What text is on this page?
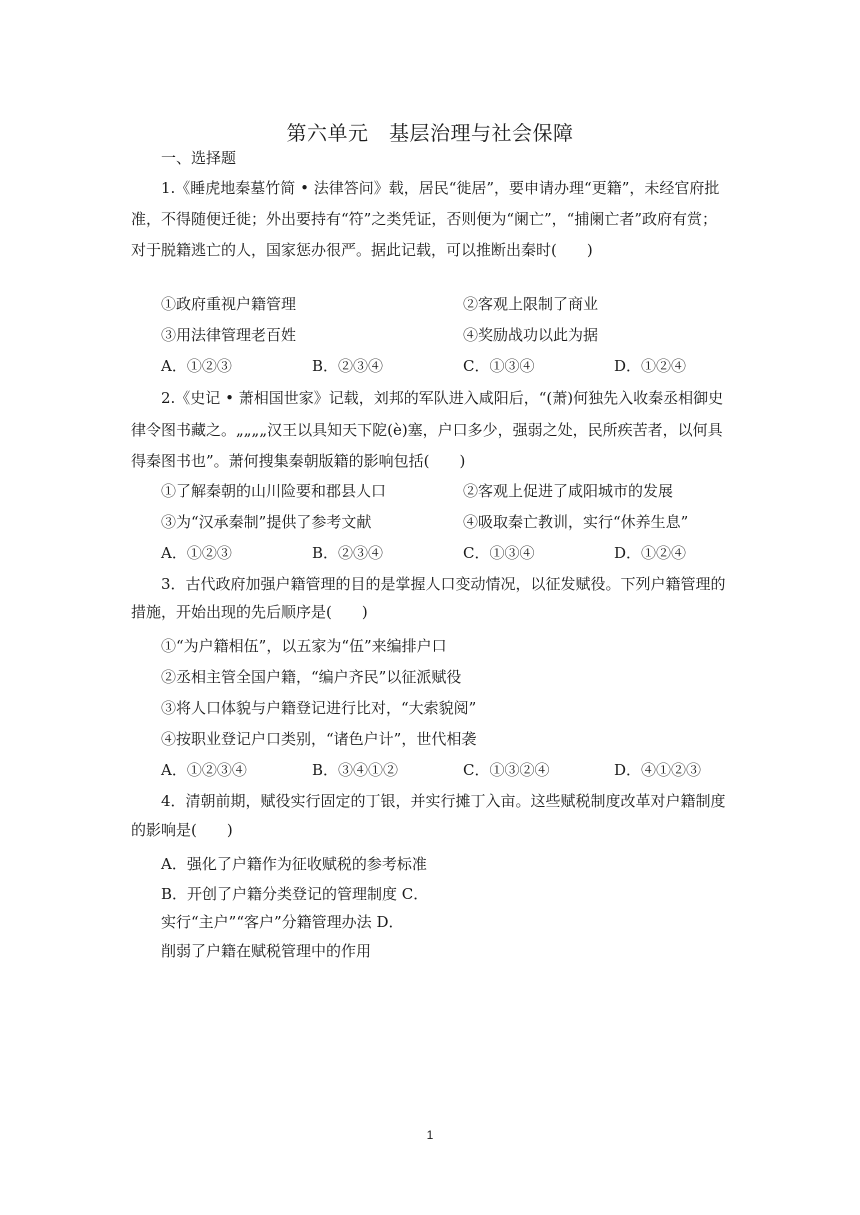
第六单元　基层治理与社会保障
一、选择题
1.《睡虎地秦墓竹简 • 法律答问》载，居民“徙居”，要申请办理“更籍”，未经官府批
准，不得随便迁徙；外出要持有“符”之类凭证，否则便为“阑亡”，“捕阑亡者”政府有赏；
对于脱籍逃亡的人，国家惩办很严。据此记载，可以推断出秦时(　　)
①政府重视户籍管理	②客观上限制了商业
③用法律管理老百姓	④奖励战功以此为据
A．①②③	B．②③④	C．①③④	D．①②④
2.《史记 • 萧相国世家》记载，刘邦的军队进入咸阳后，“(萧)何独先入收秦丞相御史
律令图书藏之。„„„„汉王以具知天下阸(è)塞，户口多少，强弱之处，民所疾苦者，以何具
得秦图书也”。萧何搜集秦朝版籍的影响包括(　　)
①了解秦朝的山川险要和郡县人口	②客观上促进了咸阳城市的发展
③为“汉承秦制”提供了参考文献	④吸取秦亡教训，实行“休养生息”
A．①②③	B．②③④	C．①③④	D．①②④
3．古代政府加强户籍管理的目的是掌握人口变动情况，以征发赋役。下列户籍管理的
措施，开始出现的先后顺序是(　　)
①“为户籍相伍”，以五家为“伍”来编排户口
②丞相主管全国户籍，“编户齐民”以征派赋役
③将人口体貌与户籍登记进行比对，“大索貌阅”
④按职业登记户口类别，“诸色户计”，世代相袭
A．①②③④	B．③④①②	C．①③②④	D．④①②③
4．清朝前期，赋役实行固定的丁银，并实行摊丁入亩。这些赋税制度改革对户籍制度
的影响是(　　)
A．强化了户籍作为征收赋税的参考标准
B．开创了户籍分类登记的管理制度 C．
实行“主户”“客户”分籍管理办法 D．
削弱了户籍在赋税管理中的作用
1
